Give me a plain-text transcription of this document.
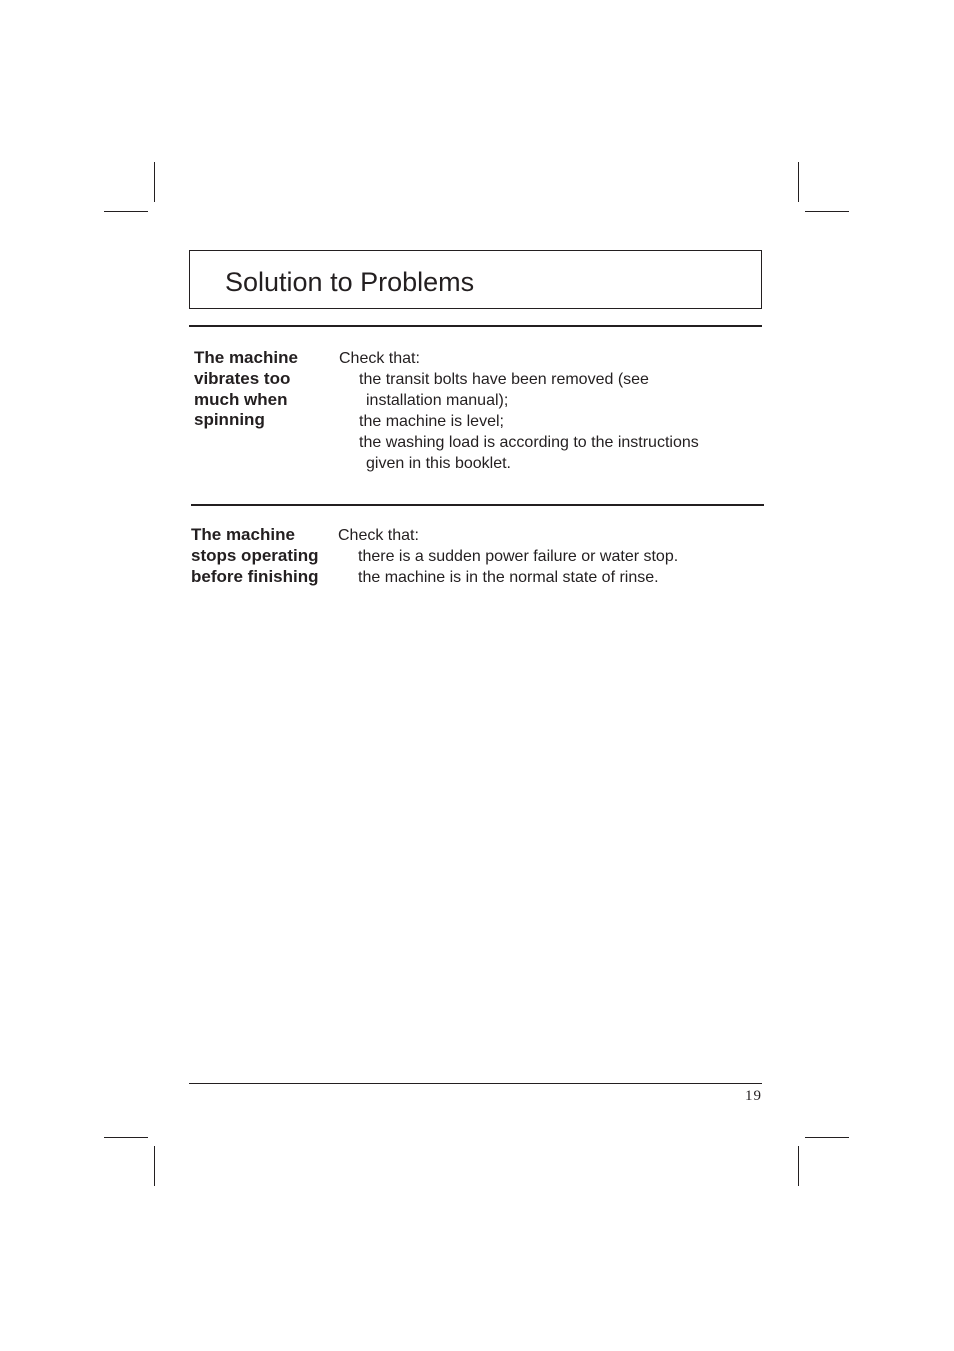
Solution to Problems
The machine
vibrates too
much when
spinning
Check that:
the transit bolts have been removed (see
installation manual);
the machine is level;
the washing load is according to the instructions
given in this booklet.
The machine
stops operating
before finishing
Check that:
there is a sudden power failure or water stop.
the machine is in the normal state of rinse.
19
